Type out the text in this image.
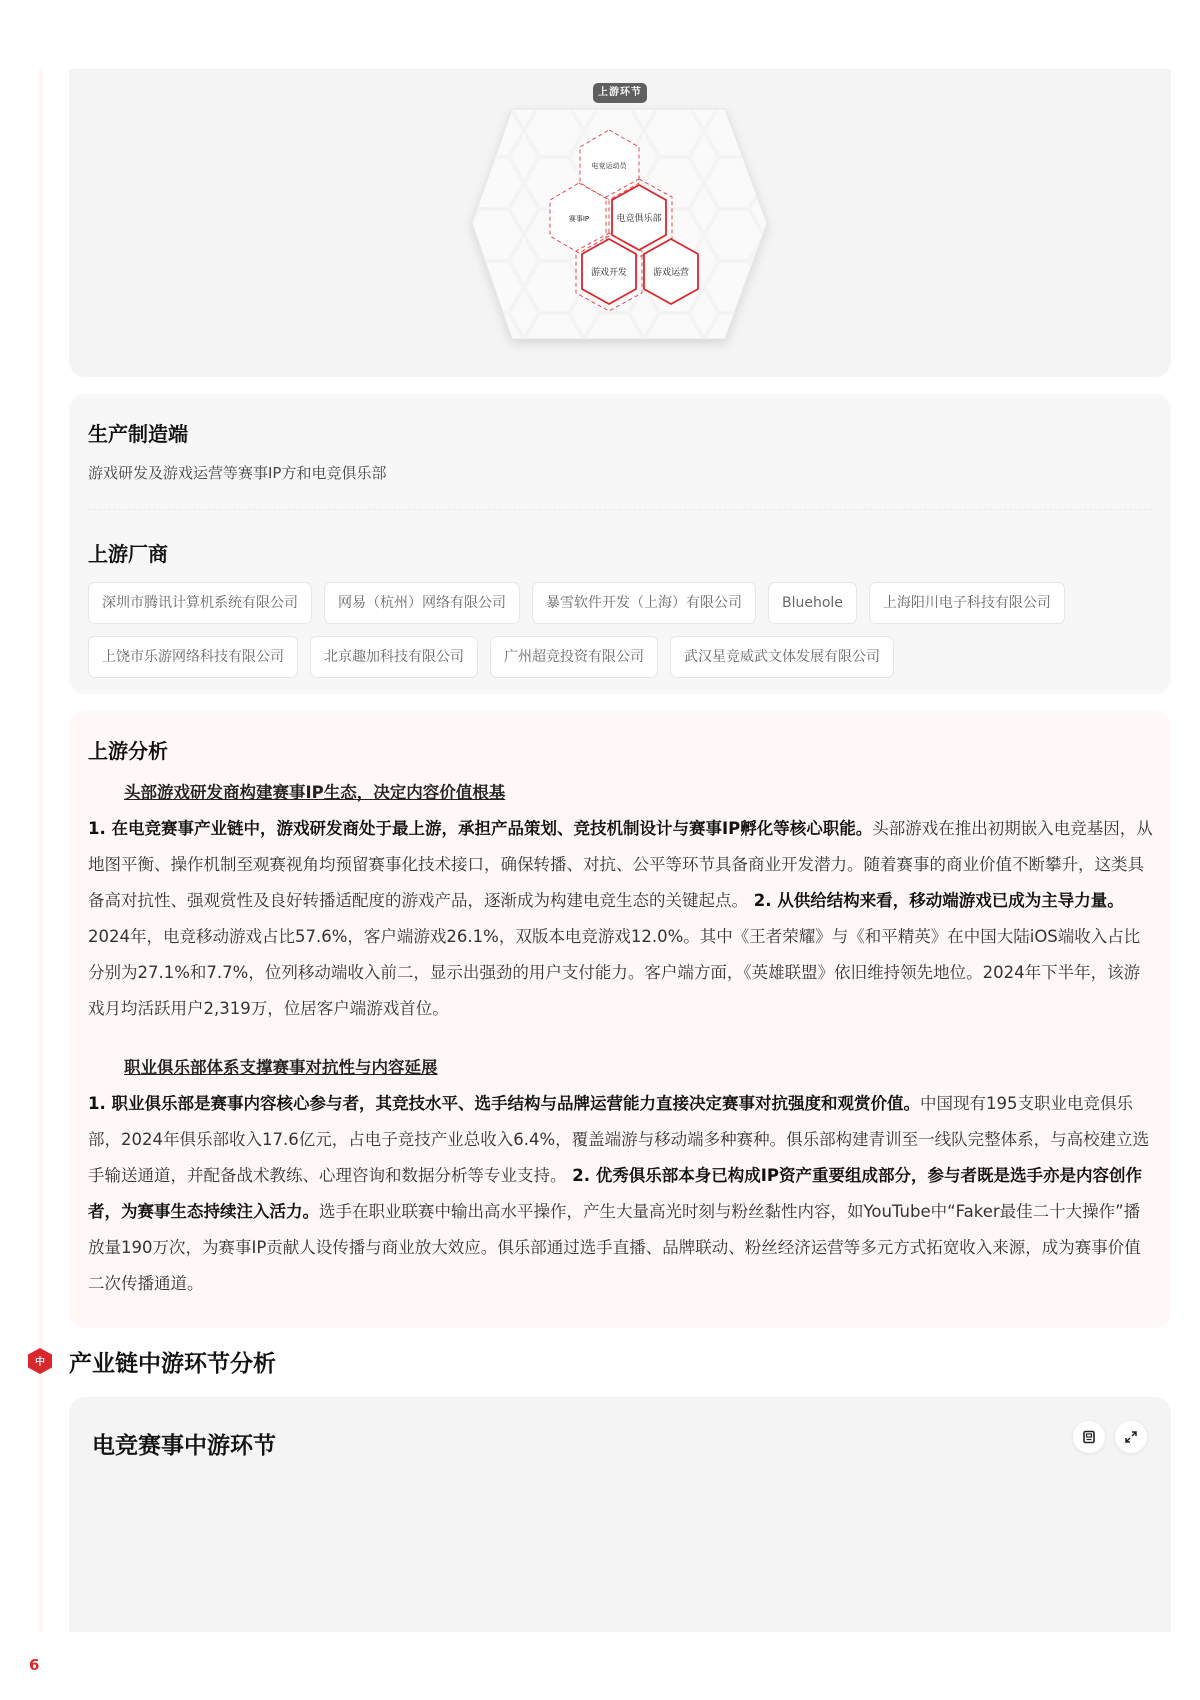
上游环节
电竞运动员
赛事IP	电竞俱乐部
游戏开发	游戏运营
生产制造端
游戏研发及游戏运营等赛事IP方和电竞俱乐部
上游厂商
深圳市腾讯计算机系统有限公司	网易（杭州）网络有限公司	暴雪软件开发（上海）有限公司	Bluehole	上海阳川电子科技有限公司
上饶市乐游网络科技有限公司	北京趣加科技有限公司	广州超竞投资有限公司	武汉星竞威武文体发展有限公司
上游分析
头部游戏研发商构建赛事IP生态，决定内容价值根基

1. 在电竞赛事产业链中，游戏研发商处于最上游，承担产品策划、竞技机制设计与赛事IP孵化等核心职能。头部游戏在推出初期嵌入电竞基因，从地图平衡、操作机制至观赛视角均预留赛事化技术接口，确保转播、对抗、公平等环节具备商业开发潜力。随着赛事的商业价值不断攀升，这类具备高对抗性、强观赏性及良好转播适配度的游戏产品，逐渐成为构建电竞生态的关键起点。 2. 从供给结构来看，移动端游戏已成为主导力量。2024年，电竞移动游戏占比57.6%，客户端游戏26.1%，双版本电竞游戏12.0%。其中《王者荣耀》与《和平精英》在中国大陆iOS端收入占比分别为27.1%和7.7%，位列移动端收入前二，显示出强劲的用户支付能力。客户端方面，《英雄联盟》依旧维持领先地位。2024年下半年，该游戏月均活跃用户2,319万，位居客户端游戏首位。

职业俱乐部体系支撑赛事对抗性与内容延展

1. 职业俱乐部是赛事内容核心参与者，其竞技水平、选手结构与品牌运营能力直接决定赛事对抗强度和观赏价值。中国现有195支职业电竞俱乐部，2024年俱乐部收入17.6亿元，占电子竞技产业总收入6.4%，覆盖端游与移动端多种赛种。俱乐部构建青训至一线队完整体系，与高校建立选手输送通道，并配备战术教练、心理咨询和数据分析等专业支持。 2. 优秀俱乐部本身已构成IP资产重要组成部分，参与者既是选手亦是内容创作者，为赛事生态持续注入活力。选手在职业联赛中输出高水平操作，产生大量高光时刻与粉丝黏性内容，如YouTube中“Faker最佳二十大操作”播放量190万次，为赛事IP贡献人设传播与商业放大效应。俱乐部通过选手直播、品牌联动、粉丝经济运营等多元方式拓宽收入来源，成为赛事价值二次传播通道。

中 产业链中游环节分析
电竞赛事中游环节
6
